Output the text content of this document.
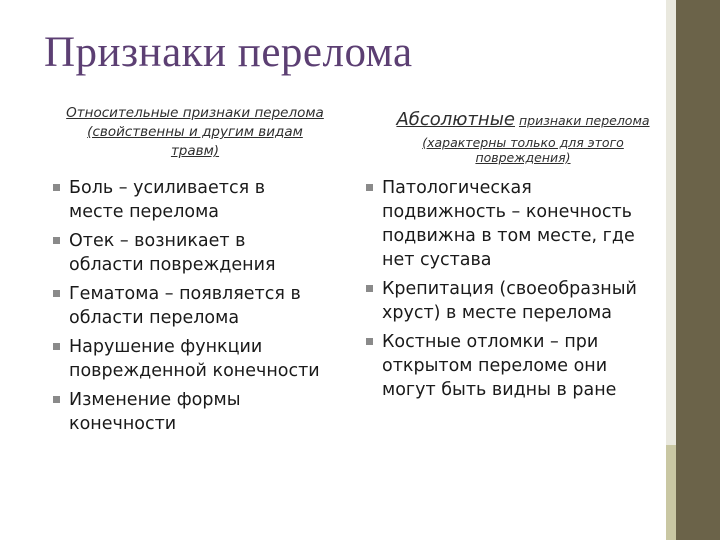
Признаки перелома
Относительные признаки перелома
(свойственны и другим видам
травм)
Абсолютные признаки перелома
(характерны только для этого
повреждения)
Боль – усиливается в месте перелома
Отек – возникает в области повреждения
Гематома – появляется в области перелома
Нарушение функции поврежденной конечности
Изменение формы конечности
Патологическая подвижность – конечность подвижна в том месте, где нет сустава
Крепитация (своеобразный хруст) в месте перелома
Костные отломки – при открытом переломе они могут быть видны в ране
